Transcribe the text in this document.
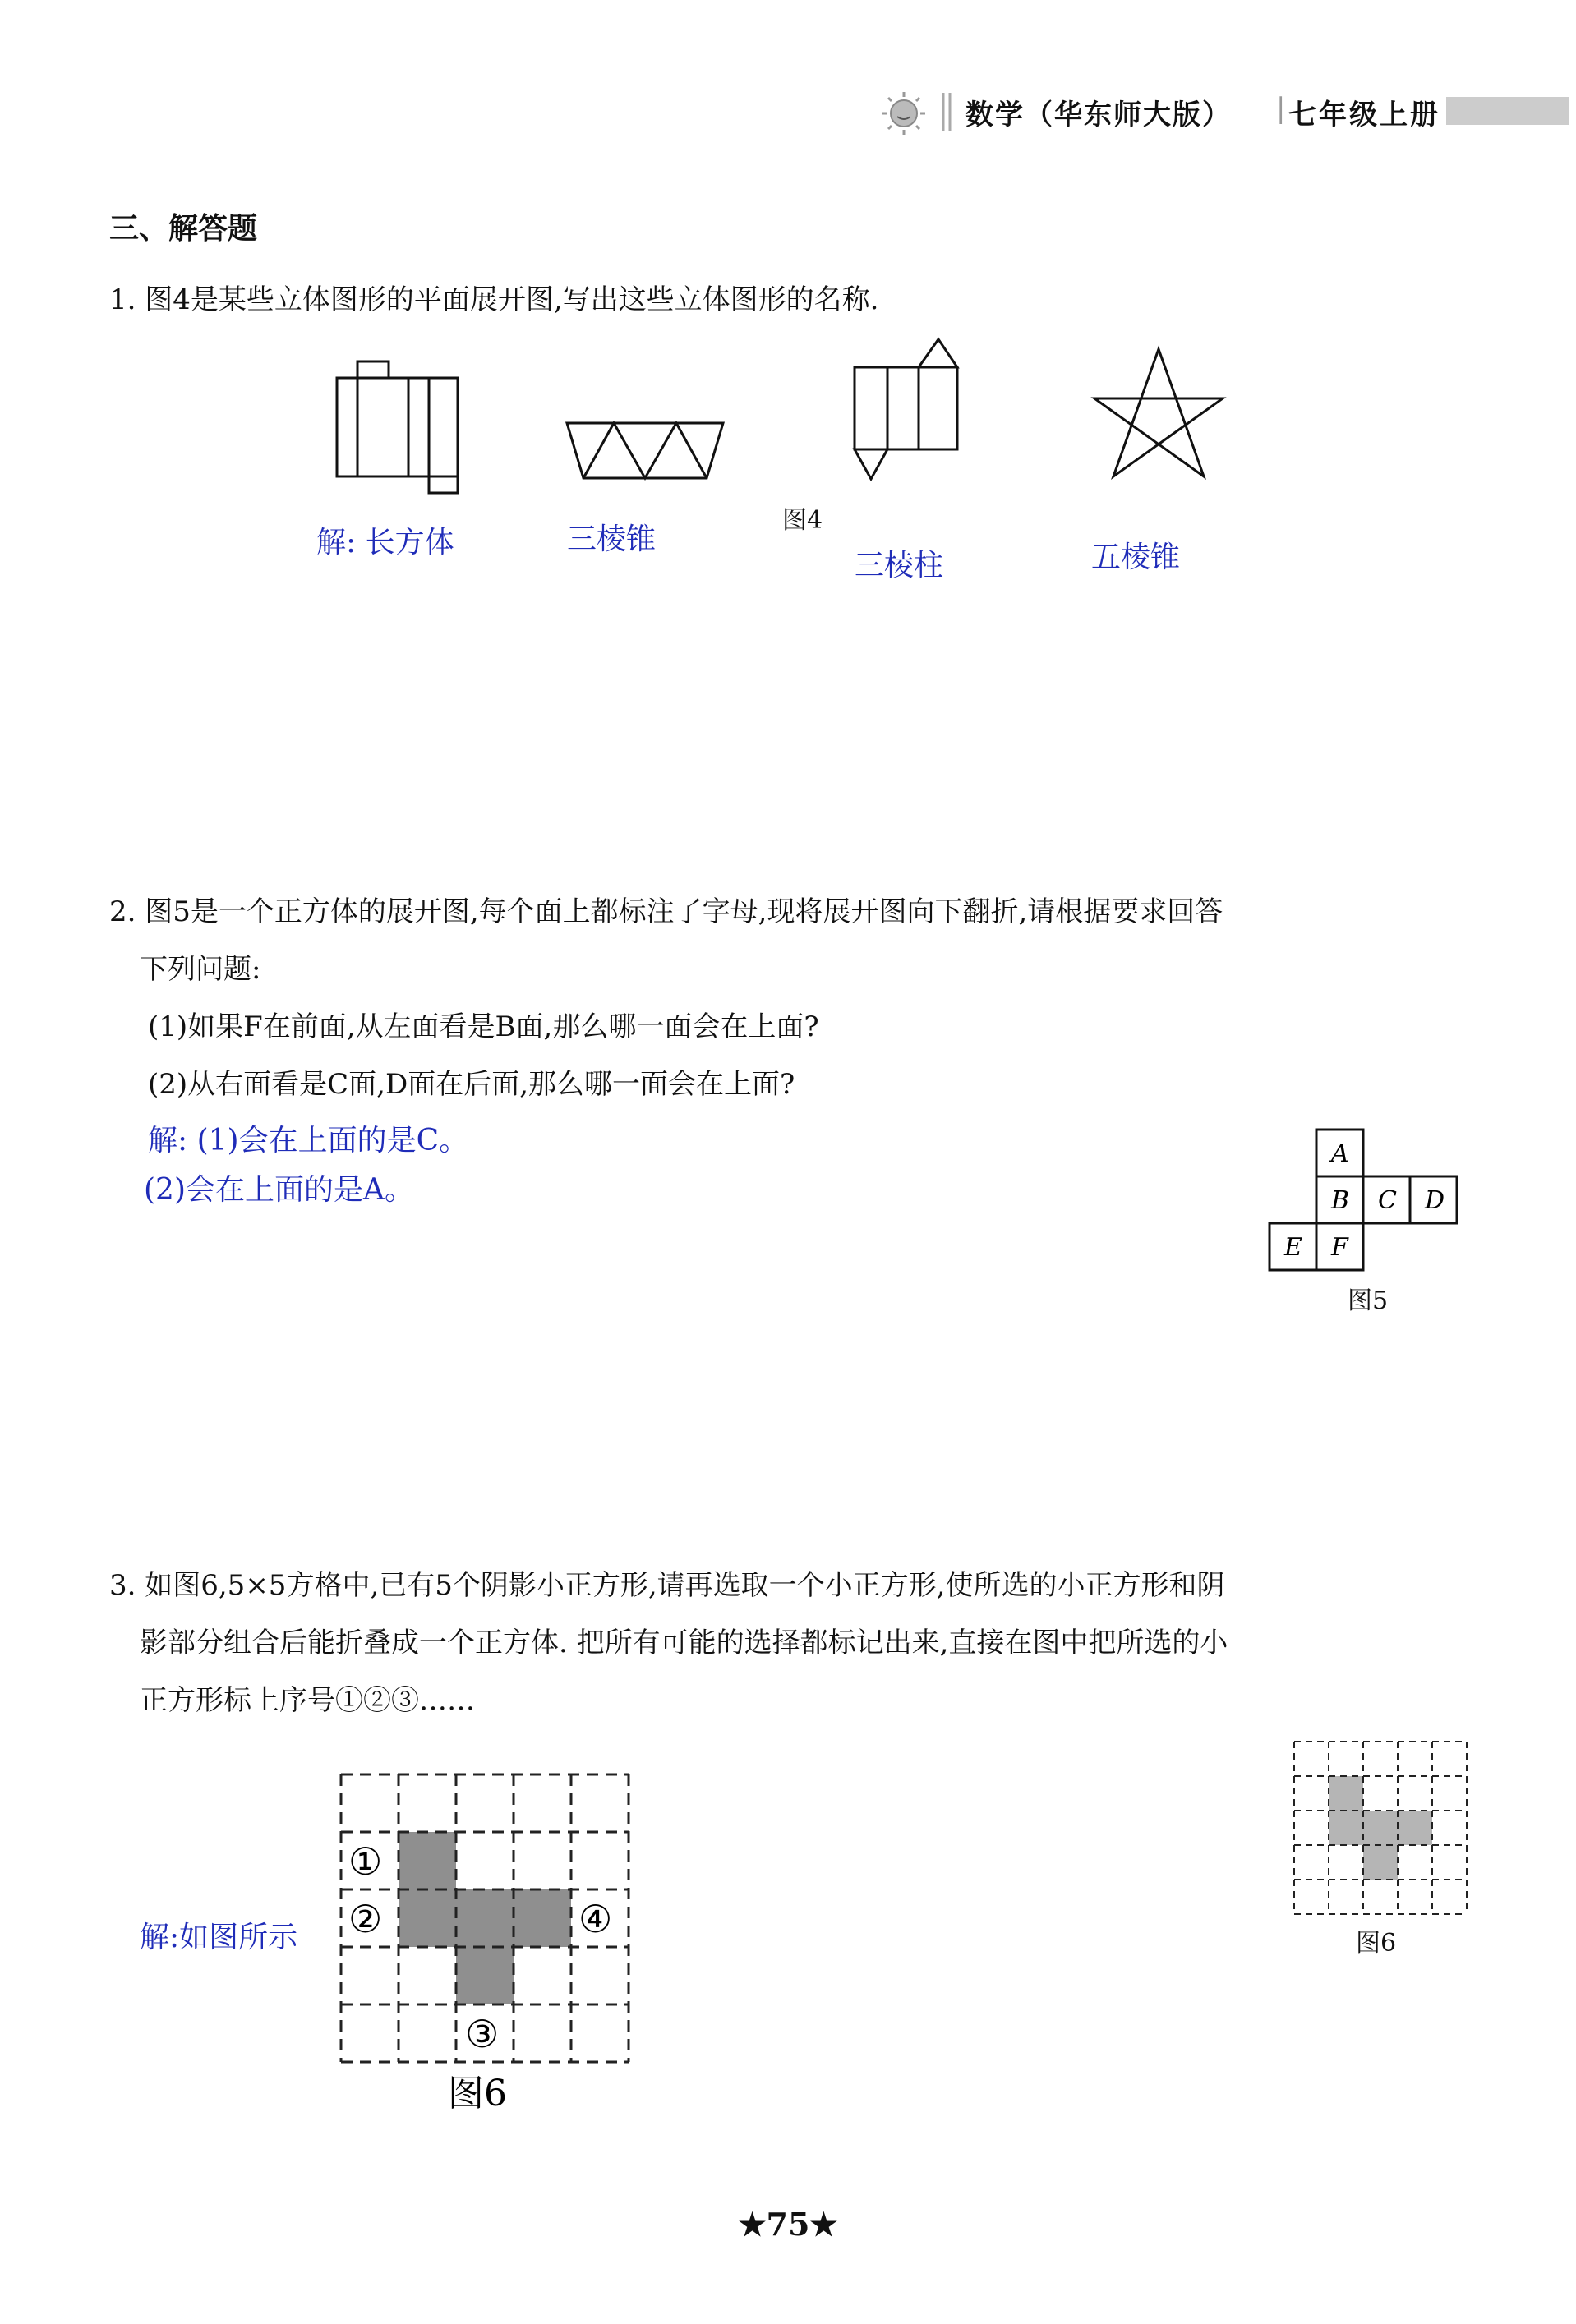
数学（华东师大版） | 七年级上册
三、解答题
1. 图4是某些立体图形的平面展开图,写出这些立体图形的名称.
图4
解: 长方体	三棱锥
三棱柱	五棱锥
2. 图5是一个正方体的展开图,每个面上都标注了字母,现将展开图向下翻折,请根据要求回答
下列问题:
(1)如果F在前面,从左面看是B面,那么哪一面会在上面?
(2)从右面看是C面,D面在后面,那么哪一面会在上面?
解: (1)会在上面的是C。
(2)会在上面的是A。
A
B C D
E F
图5
3. 如图6,5×5方格中,已有5个阴影小正方形,请再选取一个小正方形,使所选的小正方形和阴
影部分组合后能折叠成一个正方体. 把所有可能的选择都标记出来,直接在图中把所选的小
正方形标上序号①②③……
解:如图所示
①
②
③
④
图6
图6
★75★
